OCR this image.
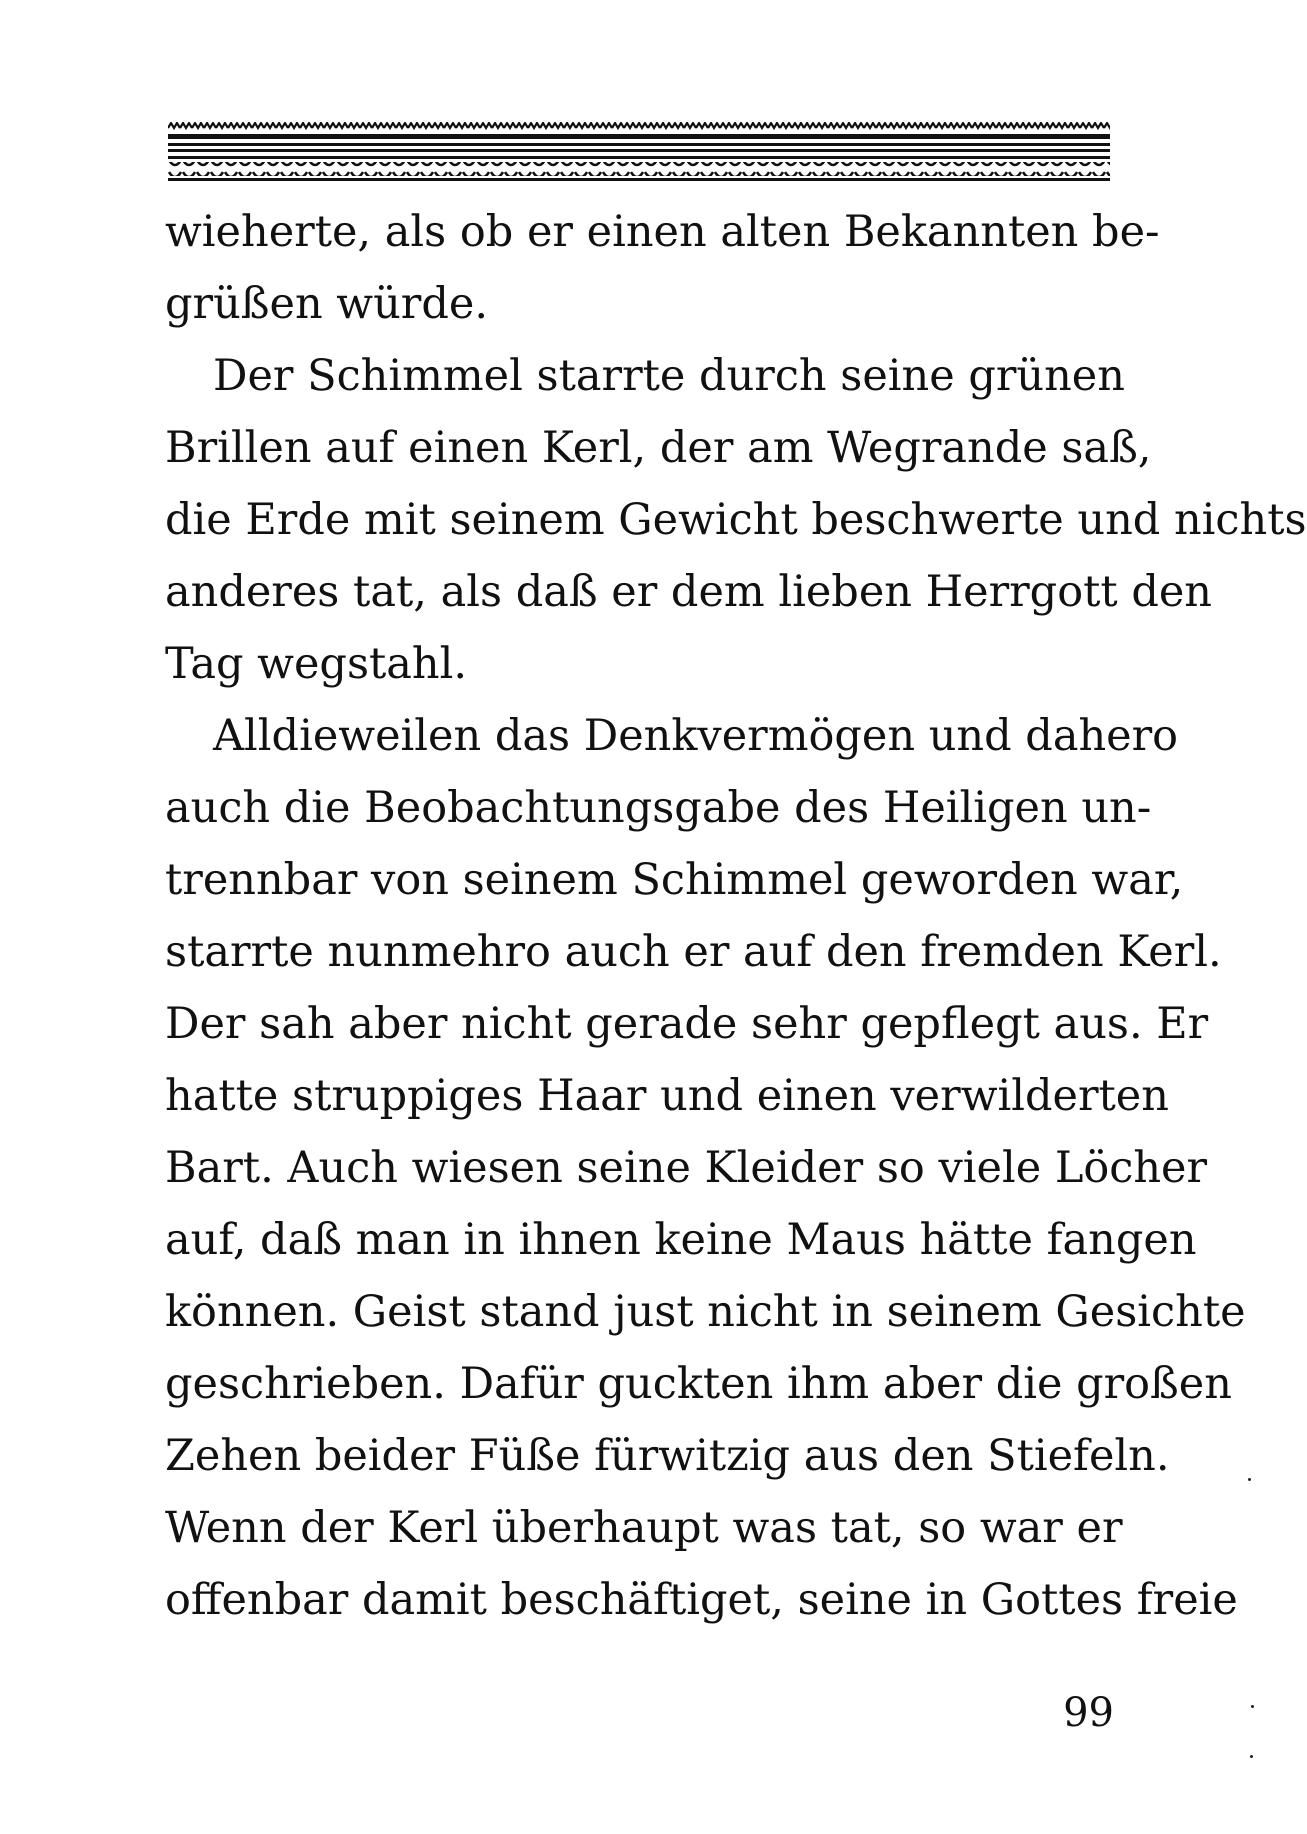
wieherte, als ob er einen alten Bekannten be-
grüßen würde.
Der Schimmel starrte durch seine grünen
Brillen auf einen Kerl, der am Wegrande saß,
die Erde mit seinem Gewicht beschwerte und nichts
anderes tat, als daß er dem lieben Herrgott den
Tag wegstahl.
Alldieweilen das Denkvermögen und dahero
auch die Beobachtungsgabe des Heiligen un-
trennbar von seinem Schimmel geworden war,
starrte nunmehro auch er auf den fremden Kerl.
Der sah aber nicht gerade sehr gepflegt aus. Er
hatte struppiges Haar und einen verwilderten
Bart. Auch wiesen seine Kleider so viele Löcher
auf, daß man in ihnen keine Maus hätte fangen
können. Geist stand just nicht in seinem Gesichte
geschrieben. Dafür guckten ihm aber die großen
Zehen beider Füße fürwitzig aus den Stiefeln.
Wenn der Kerl überhaupt was tat, so war er
offenbar damit beschäftiget, seine in Gottes freie
99
